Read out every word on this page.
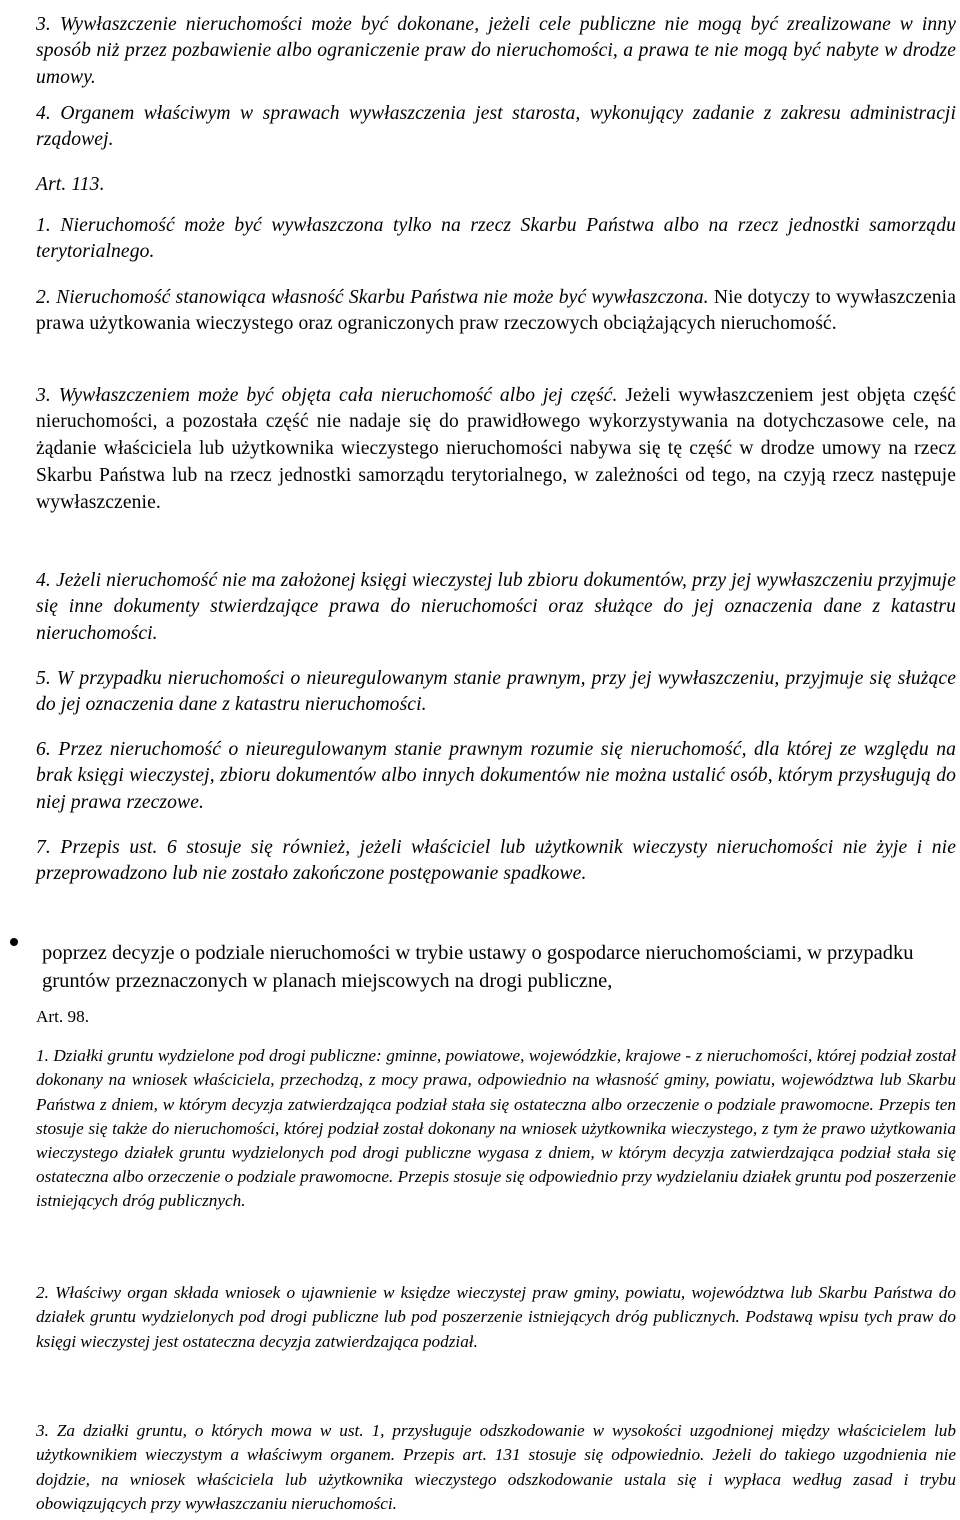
3. Wywłaszczenie nieruchomości może być dokonane, jeżeli cele publiczne nie mogą być zrealizowane w inny sposób niż przez pozbawienie albo ograniczenie praw do nieruchomości, a prawa te nie mogą być nabyte w drodze umowy.

4. Organem właściwym w sprawach wywłaszczenia jest starosta, wykonujący zadanie z zakresu administracji rządowej.

Art. 113.

1. Nieruchomość może być wywłaszczona tylko na rzecz Skarbu Państwa albo na rzecz jednostki samorządu terytorialnego.

2. Nieruchomość stanowiąca własność Skarbu Państwa nie może być wywłaszczona. Nie dotyczy to wywłaszczenia prawa użytkowania wieczystego oraz ograniczonych praw rzeczowych obciążających nieruchomość.

3. Wywłaszczeniem może być objęta cała nieruchomość albo jej część. Jeżeli wywłaszczeniem jest objęta część nieruchomości, a pozostała część nie nadaje się do prawidłowego wykorzystywania na dotychczasowe cele, na żądanie właściciela lub użytkownika wieczystego nieruchomości nabywa się tę część w drodze umowy na rzecz Skarbu Państwa lub na rzecz jednostki samorządu terytorialnego, w zależności od tego, na czyją rzecz następuje wywłaszczenie.

4. Jeżeli nieruchomość nie ma założonej księgi wieczystej lub zbioru dokumentów, przy jej wywłaszczeniu przyjmuje się inne dokumenty stwierdzające prawa do nieruchomości oraz służące do jej oznaczenia dane z katastru nieruchomości.

5. W przypadku nieruchomości o nieuregulowanym stanie prawnym, przy jej wywłaszczeniu, przyjmuje się służące do jej oznaczenia dane z katastru nieruchomości.

6. Przez nieruchomość o nieuregulowanym stanie prawnym rozumie się nieruchomość, dla której ze względu na brak księgi wieczystej, zbioru dokumentów albo innych dokumentów nie można ustalić osób, którym przysługują do niej prawa rzeczowe.

7. Przepis ust. 6 stosuje się również, jeżeli właściciel lub użytkownik wieczysty nieruchomości nie żyje i nie przeprowadzono lub nie zostało zakończone postępowanie spadkowe.

poprzez decyzje o podziale nieruchomości w trybie ustawy o gospodarce nieruchomościami, w przypadku gruntów przeznaczonych w planach miejscowych na drogi publiczne,

Art. 98.

1. Działki gruntu wydzielone pod drogi publiczne: gminne, powiatowe, wojewódzkie, krajowe - z nieruchomości, której podział został dokonany na wniosek właściciela, przechodzą, z mocy prawa, odpowiednio na własność gminy, powiatu, województwa lub Skarbu Państwa z dniem, w którym decyzja zatwierdzająca podział stała się ostateczna albo orzeczenie o podziale prawomocne. Przepis ten stosuje się także do nieruchomości, której podział został dokonany na wniosek użytkownika wieczystego, z tym że prawo użytkowania wieczystego działek gruntu wydzielonych pod drogi publiczne wygasa z dniem, w którym decyzja zatwierdzająca podział stała się ostateczna albo orzeczenie o podziale prawomocne. Przepis stosuje się odpowiednio przy wydzielaniu działek gruntu pod poszerzenie istniejących dróg publicznych.

2. Właściwy organ składa wniosek o ujawnienie w księdze wieczystej praw gminy, powiatu, województwa lub Skarbu Państwa do działek gruntu wydzielonych pod drogi publiczne lub pod poszerzenie istniejących dróg publicznych. Podstawą wpisu tych praw do księgi wieczystej jest ostateczna decyzja zatwierdzająca podział.

3. Za działki gruntu, o których mowa w ust. 1, przysługuje odszkodowanie w wysokości uzgodnionej między właścicielem lub użytkownikiem wieczystym a właściwym organem. Przepis art. 131 stosuje się odpowiednio. Jeżeli do takiego uzgodnienia nie dojdzie, na wniosek właściciela lub użytkownika wieczystego odszkodowanie ustala się i wypłaca według zasad i trybu obowiązujących przy wywłaszczaniu nieruchomości.
